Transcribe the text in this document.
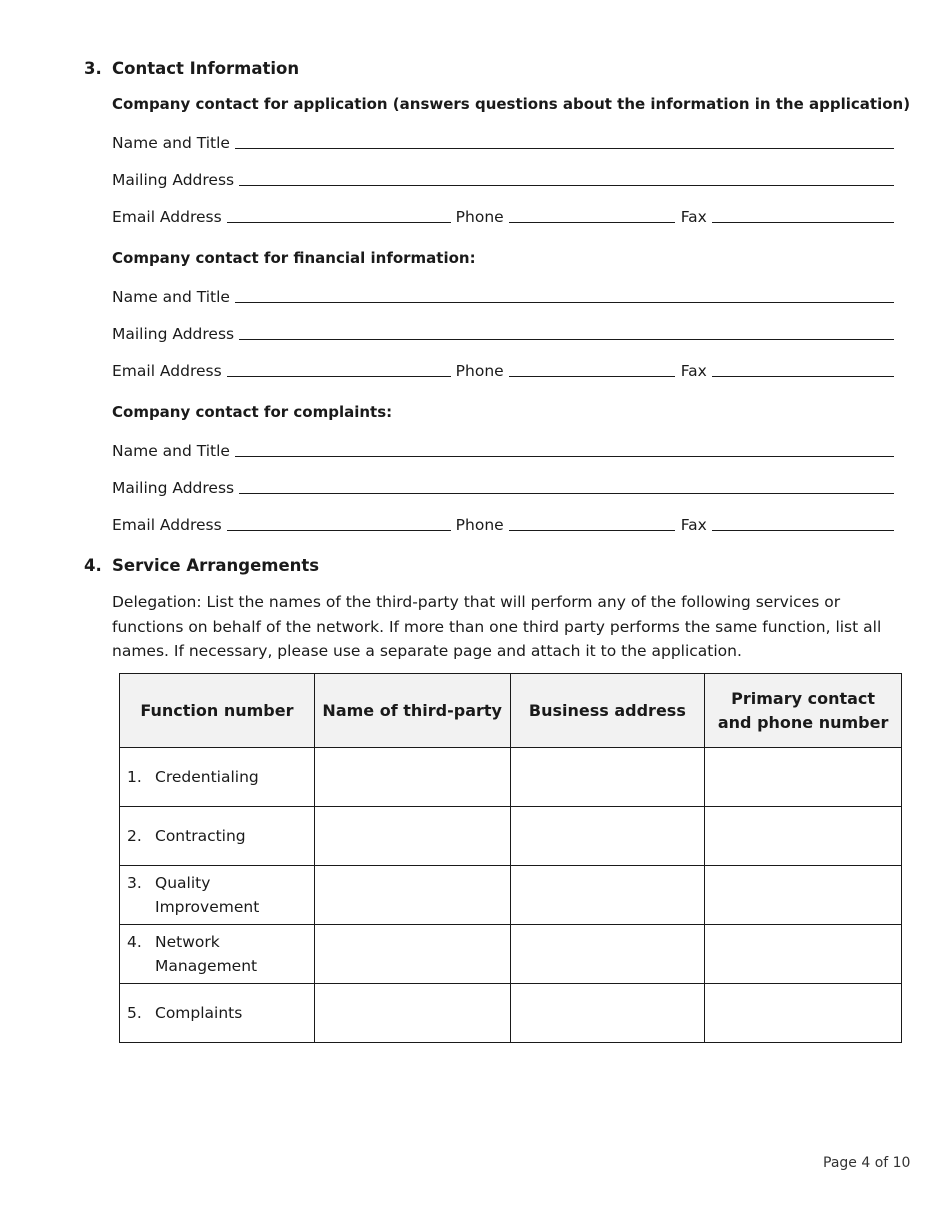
3. Contact Information
Company contact for application (answers questions about the information in the application)
Name and Title
Mailing Address
Email Address	Phone	Fax
Company contact for financial information:
Name and Title
Mailing Address
Email Address	Phone	Fax
Company contact for complaints:
Name and Title
Mailing Address
Email Address	Phone	Fax
4. Service Arrangements
Delegation: List the names of the third-party that will perform any of the following services or functions on behalf of the network. If more than one third party performs the same function, list all names. If necessary, please use a separate page and attach it to the application.
Function number	Name of third-party	Business address	Primary contact and phone number

1. Credentialing			

2. Contracting			

3. Quality Improvement			

4. Network Management			

5. Complaints			

Page 4 of 10
